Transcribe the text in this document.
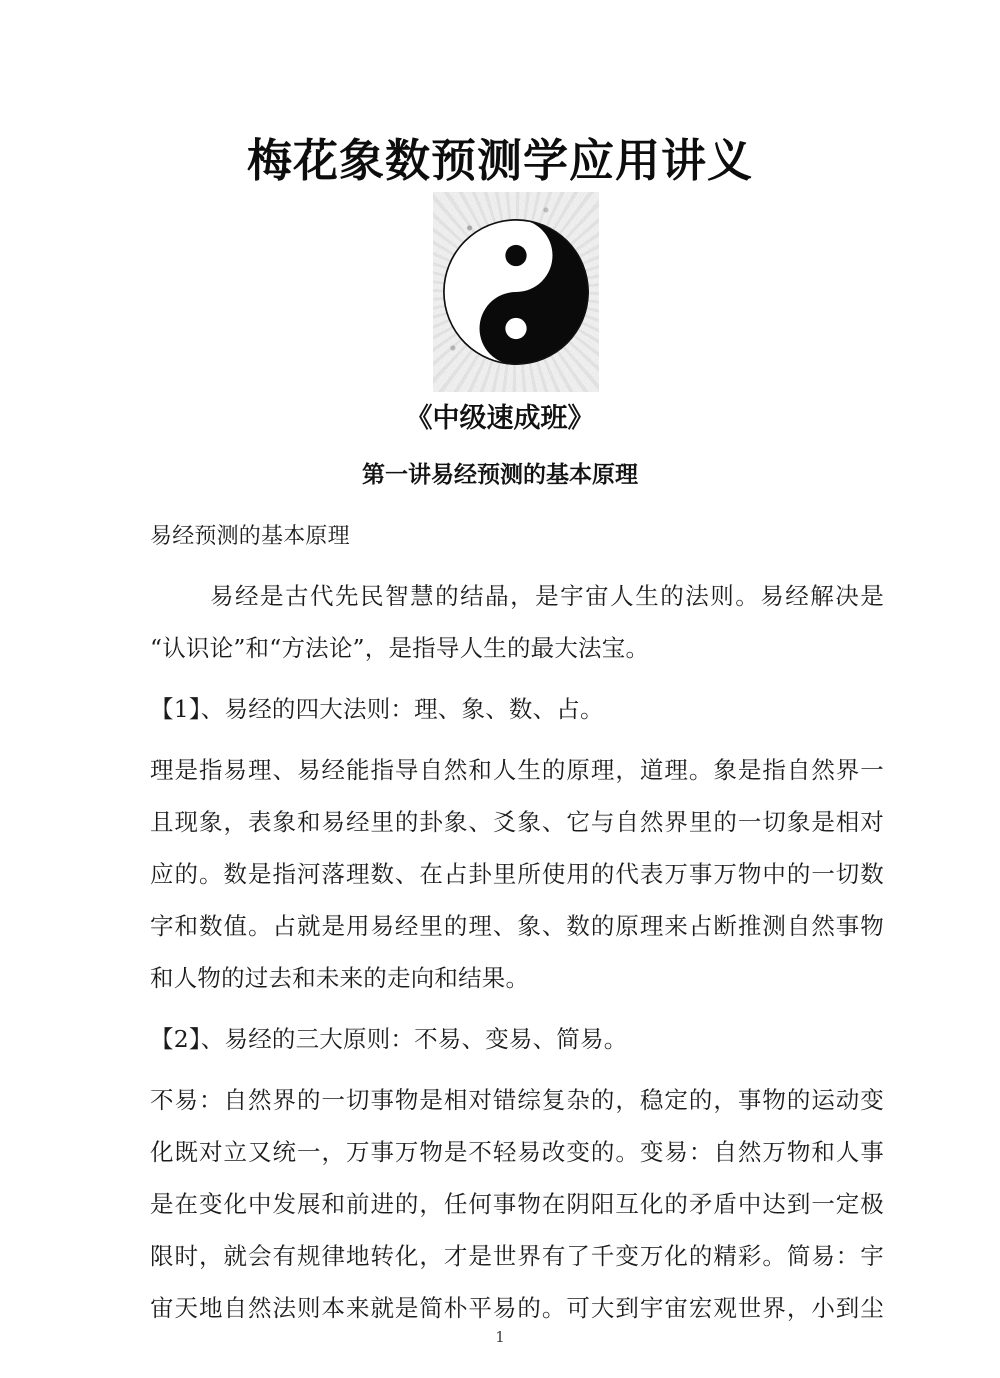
梅花象数预测学应用讲义
《中级速成班》
第一讲易经预测的基本原理
易经预测的基本原理
易经是古代先民智慧的结晶，是宇宙人生的法则。易经解决是
“认识论”和“方法论”，是指导人生的最大法宝。
【1】、易经的四大法则：理、象、数、占。
理是指易理、易经能指导自然和人生的原理，道理。象是指自然界一
且现象，表象和易经里的卦象、爻象、它与自然界里的一切象是相对
应的。数是指河落理数、在占卦里所使用的代表万事万物中的一切数
字和数值。占就是用易经里的理、象、数的原理来占断推测自然事物
和人物的过去和未来的走向和结果。
【2】、易经的三大原则：不易、变易、简易。
不易：自然界的一切事物是相对错综复杂的，稳定的，事物的运动变
化既对立又统一，万事万物是不轻易改变的。变易：自然万物和人事
是在变化中发展和前进的，任何事物在阴阳互化的矛盾中达到一定极
限时，就会有规律地转化，才是世界有了千变万化的精彩。简易：宇
宙天地自然法则本来就是简朴平易的。可大到宇宙宏观世界，小到尘
1
